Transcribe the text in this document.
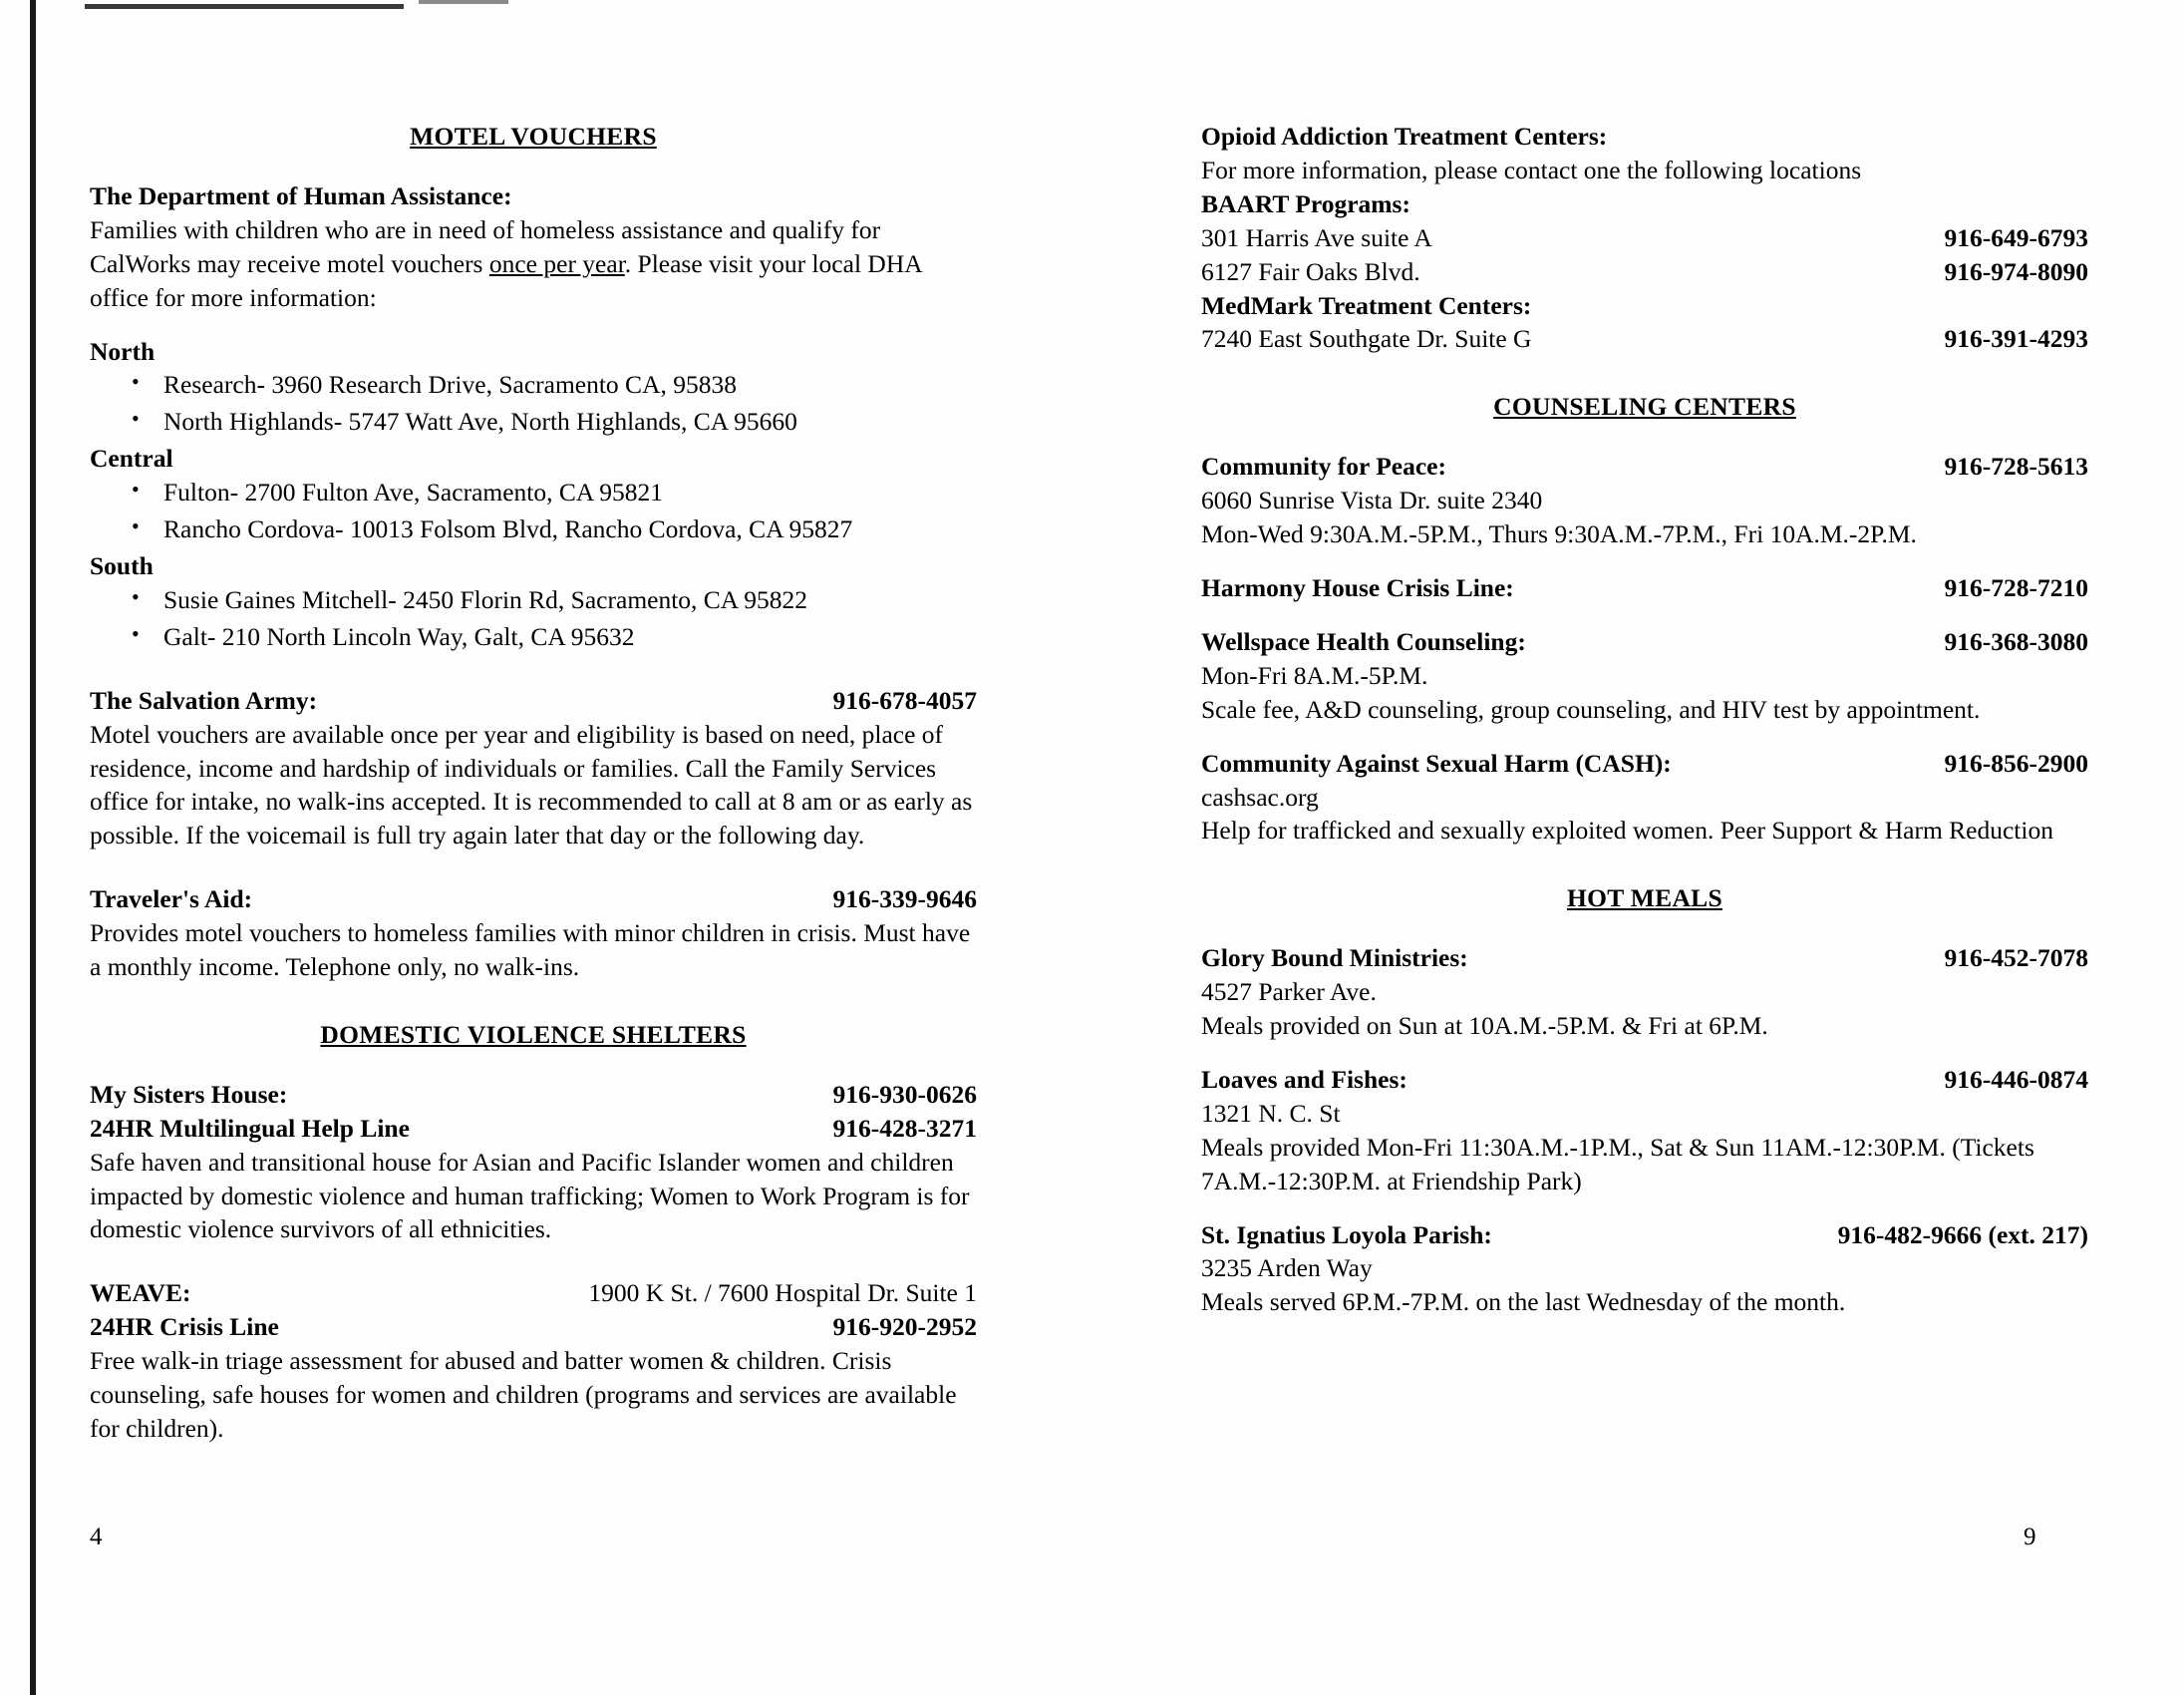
MOTEL VOUCHERS

The Department of Human Assistance:

Families with children who are in need of homeless assistance and qualify for CalWorks may receive motel vouchers once per year. Please visit your local DHA office for more information:

North

• Research- 3960 Research Drive, Sacramento CA, 95838
• North Highlands- 5747 Watt Ave, North Highlands, CA 95660

Central

• Fulton- 2700 Fulton Ave, Sacramento, CA 95821
• Rancho Cordova- 10013 Folsom Blvd, Rancho Cordova, CA 95827

South

• Susie Gaines Mitchell- 2450 Florin Rd, Sacramento, CA 95822
• Galt- 210 North Lincoln Way, Galt, CA 95632
The Salvation Army:	916-678-4057

Motel vouchers are available once per year and eligibility is based on need, place of residence, income and hardship of individuals or families. Call the Family Services office for intake, no walk-ins accepted. It is recommended to call at 8 am or as early as possible. If the voicemail is full try again later that day or the following day.

Traveler's Aid:	916-339-9646

Provides motel vouchers to homeless families with minor children in crisis. Must have a monthly income. Telephone only, no walk-ins.

DOMESTIC VIOLENCE SHELTERS
My Sisters House:	916-930-0626
24HR Multilingual Help Line	916-428-3271

Safe haven and transitional house for Asian and Pacific Islander women and children impacted by domestic violence and human trafficking; Women to Work Program is for domestic violence survivors of all ethnicities.

WEAVE:	1900 K St. / 7600 Hospital Dr. Suite 1
24HR Crisis Line	916-920-2952

Free walk-in triage assessment for abused and batter women & children. Crisis counseling, safe houses for women and children (programs and services are available for children).

Opioid Addiction Treatment Centers:

For more information, please contact one the following locations

BAART Programs:

301 Harris Ave suite A	916-649-6793
6127 Fair Oaks Blvd.	916-974-8090

MedMark Treatment Centers:

7240 East Southgate Dr. Suite G	916-391-4293
COUNSELING CENTERS
Community for Peace:	916-728-5613

6060 Sunrise Vista Dr. suite 2340

Mon-Wed 9:30A.M.-5P.M., Thurs 9:30A.M.-7P.M., Fri 10A.M.-2P.M.

Harmony House Crisis Line:	916-728-7210
Wellspace Health Counseling:	916-368-3080

Mon-Fri 8A.M.-5P.M.

Scale fee, A&D counseling, group counseling, and HIV test by appointment.

Community Against Sexual Harm (CASH):	916-856-2900

cashsac.org

Help for trafficked and sexually exploited women. Peer Support & Harm Reduction

HOT MEALS
Glory Bound Ministries:	916-452-7078

4527 Parker Ave.

Meals provided on Sun at 10A.M.-5P.M. & Fri at 6P.M.

Loaves and Fishes:	916-446-0874

1321 N. C. St

Meals provided Mon-Fri 11:30A.M.-1P.M., Sat & Sun 11AM.-12:30P.M. (Tickets 7A.M.-12:30P.M. at Friendship Park)

St. Ignatius Loyola Parish:	916-482-9666 (ext. 217)

3235 Arden Way

Meals served 6P.M.-7P.M. on the last Wednesday of the month.

4	9
